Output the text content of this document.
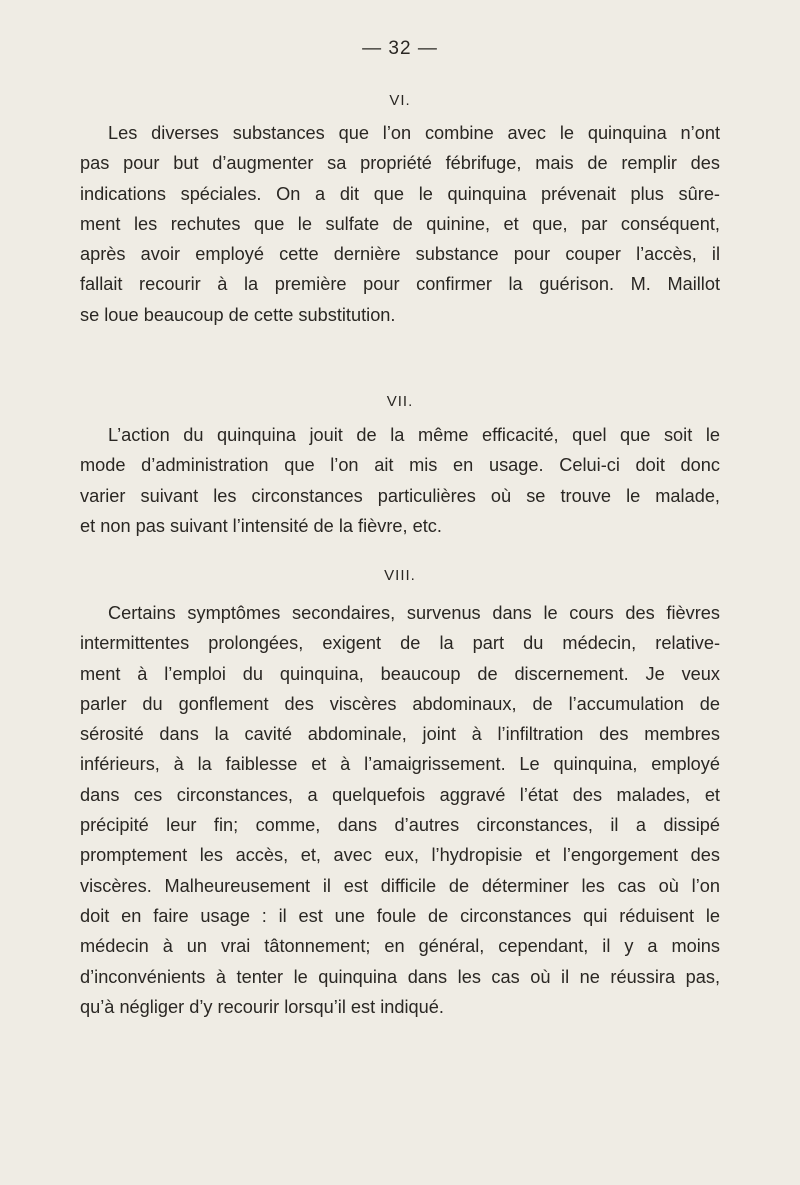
— 32 —
VI.
Les diverses substances que l’on combine avec le quinquina n’ont
pas pour but d’augmenter sa propriété fébrifuge, mais de remplir des
indications spéciales. On a dit que le quinquina prévenait plus sûre-
ment les rechutes que le sulfate de quinine, et que, par conséquent,
après avoir employé cette dernière substance pour couper l’accès, il
fallait recourir à la première pour confirmer la guérison. M. Maillot
se loue beaucoup de cette substitution.
VII.
L’action du quinquina jouit de la même efficacité, quel que soit le
mode d’administration que l’on ait mis en usage. Celui-ci doit donc
varier suivant les circonstances particulières où se trouve le malade,
et non pas suivant l’intensité de la fièvre, etc.
VIII.
Certains symptômes secondaires, survenus dans le cours des fièvres
intermittentes prolongées, exigent de la part du médecin, relative-
ment à l’emploi du quinquina, beaucoup de discernement. Je veux
parler du gonflement des viscères abdominaux, de l’accumulation de
sérosité dans la cavité abdominale, joint à l’infiltration des membres
inférieurs, à la faiblesse et à l’amaigrissement. Le quinquina, employé
dans ces circonstances, a quelquefois aggravé l’état des malades, et
précipité leur fin; comme, dans d’autres circonstances, il a dissipé
promptement les accès, et, avec eux, l’hydropisie et l’engorgement des
viscères. Malheureusement il est difficile de déterminer les cas où l’on
doit en faire usage : il est une foule de circonstances qui réduisent le
médecin à un vrai tâtonnement; en général, cependant, il y a moins
d’inconvénients à tenter le quinquina dans les cas où il ne réussira pas,
qu’à négliger d’y recourir lorsqu’il est indiqué.
